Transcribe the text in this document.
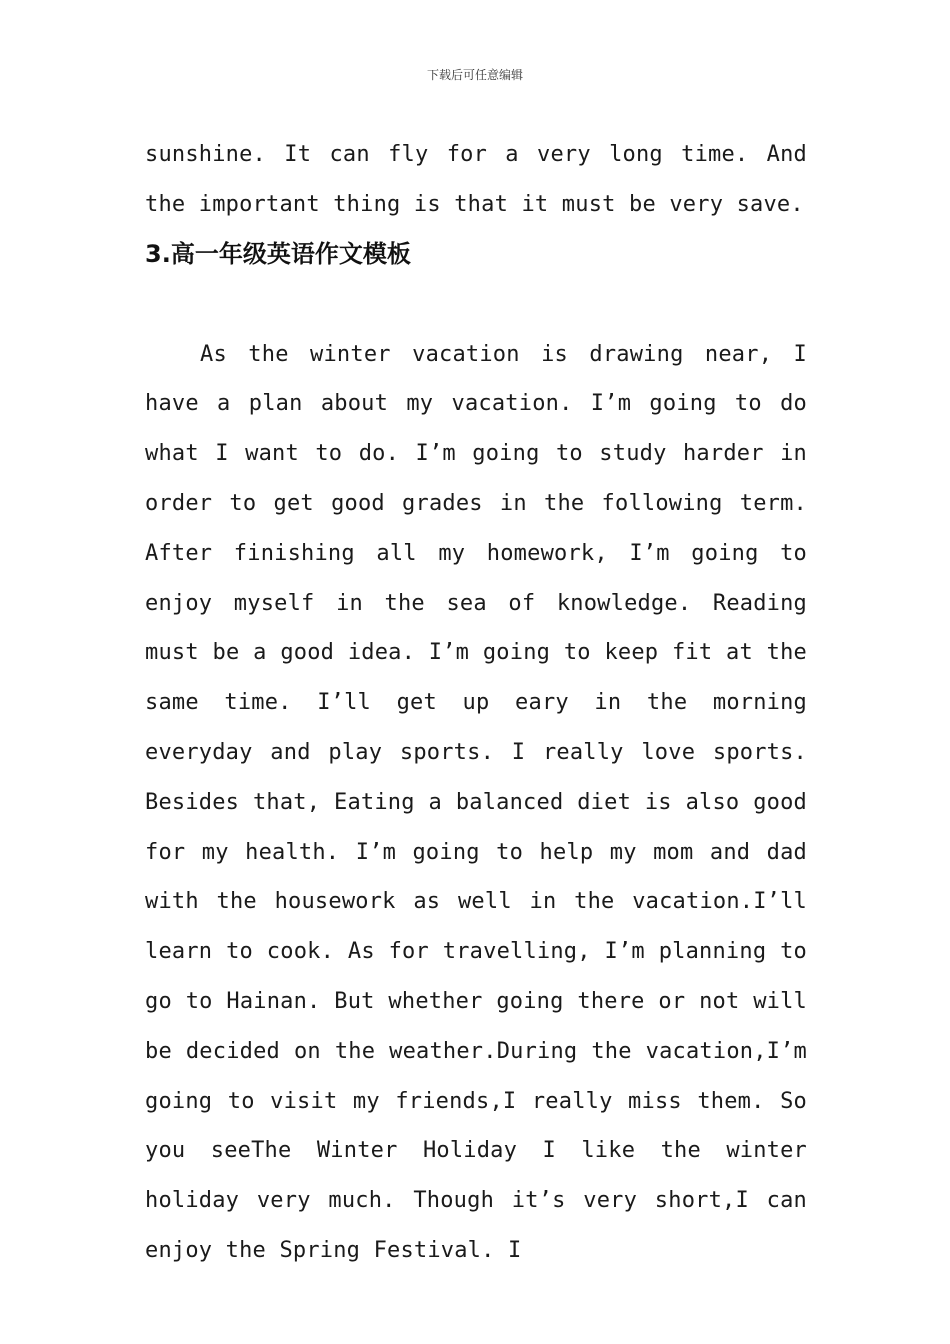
下载后可任意编辑

sunshine. It can fly for a very long time. And the important thing is that it must be very save.

3.高一年级英语作文模板

As the winter vacation is drawing near, I have a plan about my vacation. I’m going to do what I want to do. I’m going to study harder in order to get good grades in the following term. After finishing all my homework, I’m going to enjoy myself in the sea of knowledge. Reading must be a good idea. I’m going to keep fit at the same time. I’ll get up eary in the morning everyday and play sports. I really love sports. Besides that, Eating a balanced diet is also good for my health. I’m going to help my mom and dad with the housework as well in the vacation.I’ll learn to cook. As for travelling, I’m planning to go to Hainan. But whether going there or not will be decided on the weather.During the vacation,I’m going to visit my friends,I really miss them. So you seeThe Winter Holiday I like the winter holiday very much. Though it’s very short,I can enjoy the Spring Festival. I
